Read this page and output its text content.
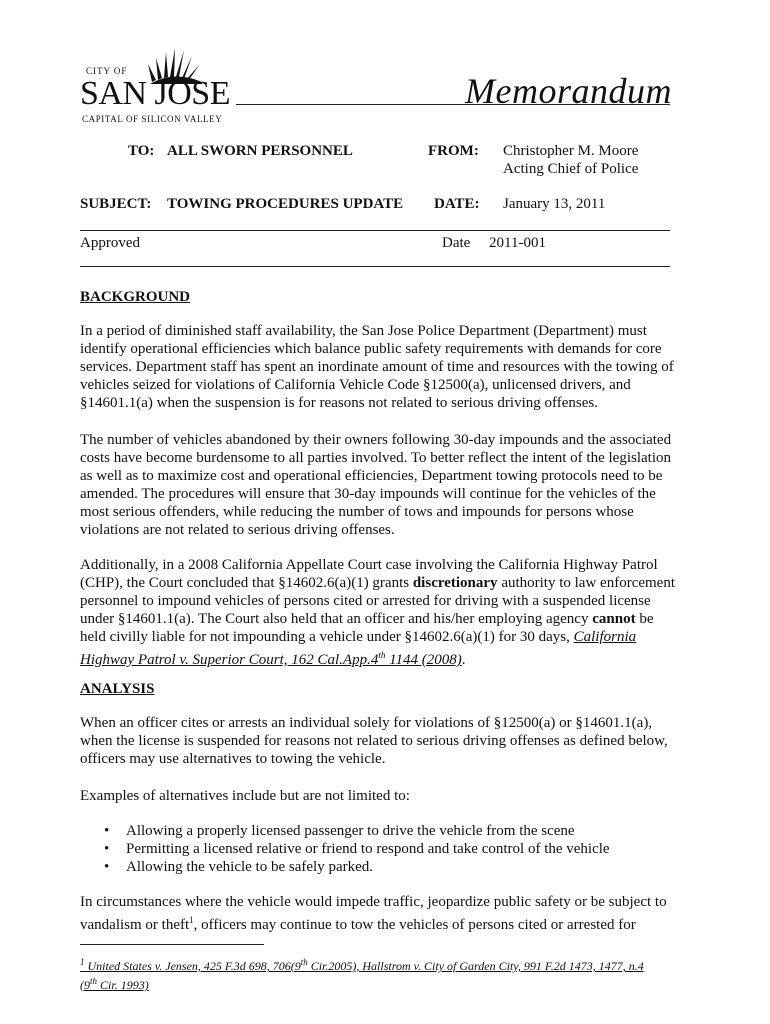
CITY OF
SAN JOSE
CAPITAL OF SILICON VALLEY
Memorandum
TO: ALL SWORN PERSONNEL	FROM: Christopher M. Moore
Acting Chief of Police
SUBJECT: TOWING PROCEDURES UPDATE DATE: January 13, 2011
Approved	Date 2011-001
BACKGROUND
In a period of diminished staff availability, the San Jose Police Department (Department) must
identify operational efficiencies which balance public safety requirements with demands for core
services. Department staff has spent an inordinate amount of time and resources with the towing of
vehicles seized for violations of California Vehicle Code §12500(a), unlicensed drivers, and
§14601.1(a) when the suspension is for reasons not related to serious driving offenses.
The number of vehicles abandoned by their owners following 30-day impounds and the associated
costs have become burdensome to all parties involved. To better reflect the intent of the legislation
as well as to maximize cost and operational efficiencies, Department towing protocols need to be
amended. The procedures will ensure that 30-day impounds will continue for the vehicles of the
most serious offenders, while reducing the number of tows and impounds for persons whose
violations are not related to serious driving offenses.
Additionally, in a 2008 California Appellate Court case involving the California Highway Patrol
(CHP), the Court concluded that §14602.6(a)(1) grants discretionary authority to law enforcement
personnel to impound vehicles of persons cited or arrested for driving with a suspended license
under §14601.1(a). The Court also held that an officer and his/her employing agency cannot be
held civilly liable for not impounding a vehicle under §14602.6(a)(1) for 30 days, California
Highway Patrol v. Superior Court, 162 Cal.App.4th 1144 (2008).
ANALYSIS
When an officer cites or arrests an individual solely for violations of §12500(a) or §14601.1(a),
when the license is suspended for reasons not related to serious driving offenses as defined below,
officers may use alternatives to towing the vehicle.
Examples of alternatives include but are not limited to:
• Allowing a properly licensed passenger to drive the vehicle from the scene
• Permitting a licensed relative or friend to respond and take control of the vehicle
• Allowing the vehicle to be safely parked.
In circumstances where the vehicle would impede traffic, jeopardize public safety or be subject to
vandalism or theft$^1$, officers may continue to tow the vehicles of persons cited or arrested for
$^1$ United States v. Jensen, 425 F.3d 698, 706(9th Cir.2005), Hallstrom v. City of Garden City, 991 F.2d 1473, 1477, n.4
(9th Cir. 1993)
